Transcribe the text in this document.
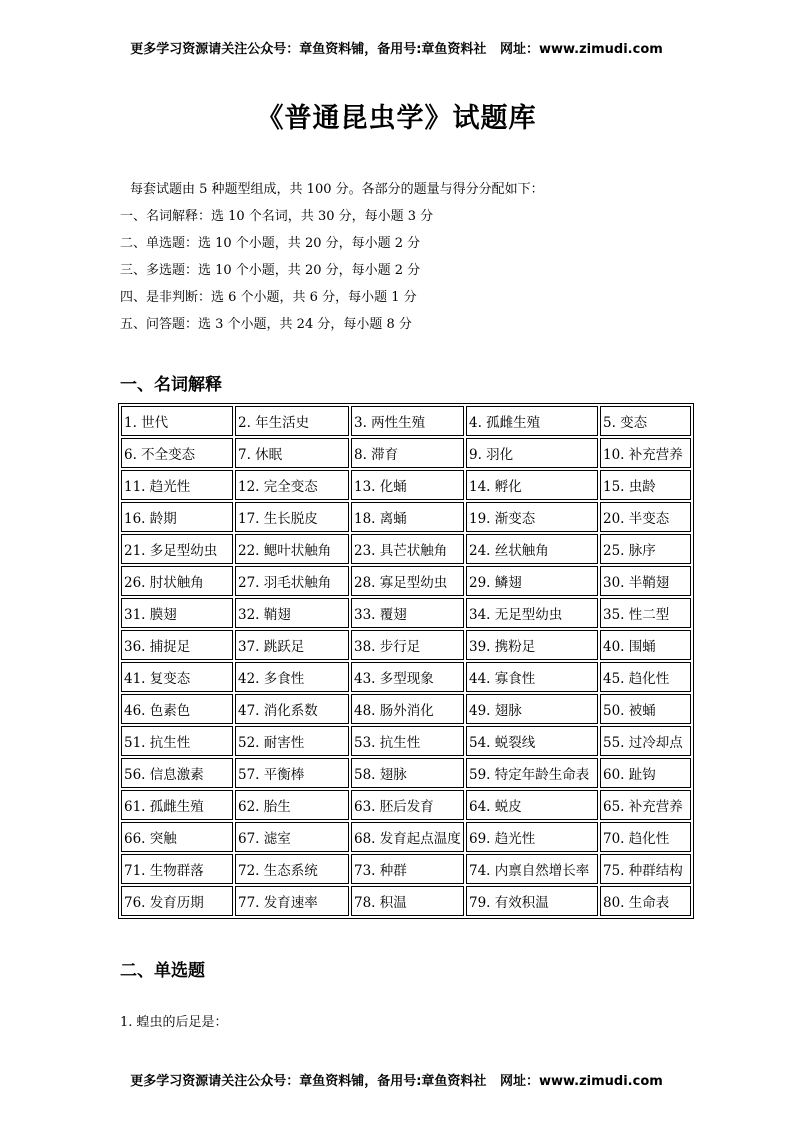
更多学习资源请关注公众号：章鱼资料铺，备用号:章鱼资料社   网址：www.zimudi.com
《普通昆虫学》试题库
每套试题由 5 种题型组成，共 100 分。各部分的题量与得分分配如下：
一、名词解释：选 10 个名词，共 30 分，每小题 3 分
二、单选题：选 10 个小题，共 20 分，每小题 2 分
三、多选题：选 10 个小题，共 20 分，每小题 2 分
四、是非判断：选 6 个小题，共 6 分，每小题 1 分
五、问答题：选 3 个小题，共 24 分，每小题 8 分
一、名词解释
1. 世代	2. 年生活史	3. 两性生殖	4. 孤雌生殖	5. 变态
6. 不全变态	7. 休眠	8. 滞育	9. 羽化	10. 补充营养
11. 趋光性	12. 完全变态	13. 化蛹	14. 孵化	15. 虫龄
16. 龄期	17. 生长脱皮	18. 离蛹	19. 渐变态	20. 半变态
21. 多足型幼虫	22. 鳃叶状触角	23. 具芒状触角	24. 丝状触角	25. 脉序
26. 肘状触角	27. 羽毛状触角	28. 寡足型幼虫	29. 鳞翅	30. 半鞘翅
31. 膜翅	32. 鞘翅	33. 覆翅	34. 无足型幼虫	35. 性二型
36. 捕捉足	37. 跳跃足	38. 步行足	39. 携粉足	40. 围蛹
41. 复变态	42. 多食性	43. 多型现象	44. 寡食性	45. 趋化性
46. 色素色	47. 消化系数	48. 肠外消化	49. 翅脉	50. 被蛹
51. 抗生性	52. 耐害性	53. 抗生性	54. 蜕裂线	55. 过冷却点
56. 信息激素	57. 平衡棒	58. 翅脉	59. 特定年龄生命表	60. 趾钩
61. 孤雌生殖	62. 胎生	63. 胚后发育	64. 蜕皮	65. 补充营养
66. 突触	67. 滤室	68. 发育起点温度	69. 趋光性	70. 趋化性
71. 生物群落	72. 生态系统	73. 种群	74. 内禀自然增长率	75. 种群结构
76. 发育历期	77. 发育速率	78. 积温	79. 有效积温	80. 生命表
二、单选题
1. 蝗虫的后足是：
更多学习资源请关注公众号：章鱼资料铺，备用号:章鱼资料社   网址：www.zimudi.com
